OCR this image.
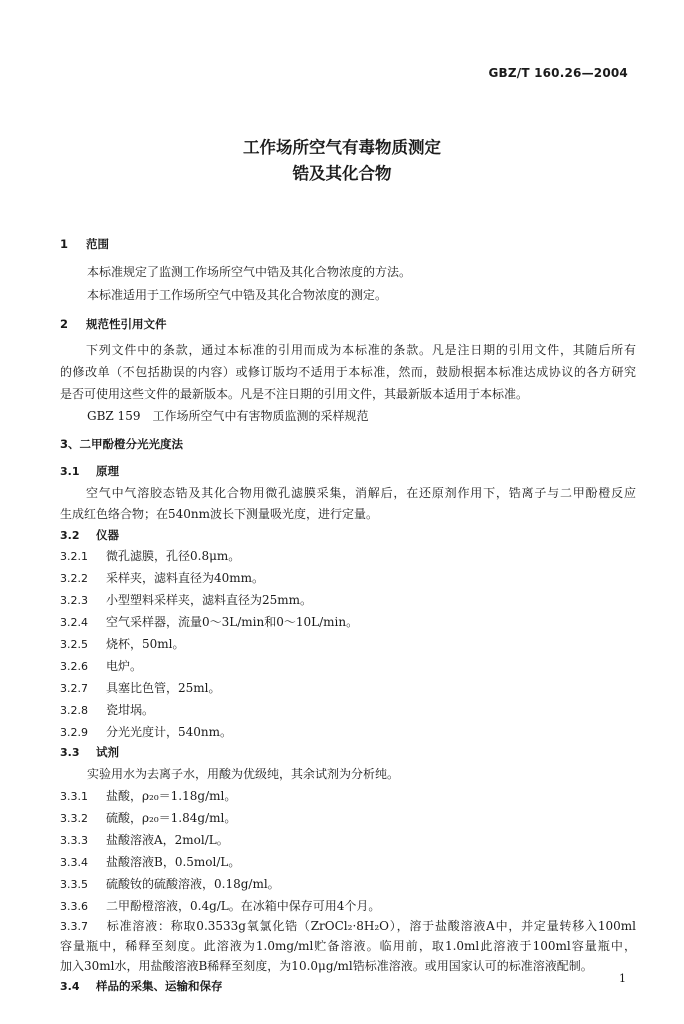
GBZ/T 160.26—2004
工作场所空气有毒物质测定
锆及其化合物
1 范围
本标准规定了监测工作场所空气中锆及其化合物浓度的方法。
本标准适用于工作场所空气中锆及其化合物浓度的测定。
2 规范性引用文件
下列文件中的条款，通过本标准的引用而成为本标准的条款。凡是注日期的引用文件，其随后所有
的修改单（不包括勘误的内容）或修订版均不适用于本标准，然而，鼓励根据本标准达成协议的各方研究
是否可使用这些文件的最新版本。凡是不注日期的引用文件，其最新版本适用于本标准。
GBZ 159　工作场所空气中有害物质监测的采样规范
3、二甲酚橙分光光度法
3.1 原理
空气中气溶胶态锆及其化合物用微孔滤膜采集，消解后，在还原剂作用下，锆离子与二甲酚橙反应
生成红色络合物；在540nm波长下测量吸光度，进行定量。
3.2 仪器
3.2.1 微孔滤膜，孔径0.8μm。
3.2.2 采样夹，滤料直径为40mm。
3.2.3 小型塑料采样夹，滤料直径为25mm。
3.2.4 空气采样器，流量0～3L/min和0～10L/min。
3.2.5 烧杯，50ml。
3.2.6 电炉。
3.2.7 具塞比色管，25ml。
3.2.8 瓷坩埚。
3.2.9 分光光度计，540nm。
3.3 试剂
实验用水为去离子水，用酸为优级纯，其余试剂为分析纯。
3.3.1 盐酸，ρ₂₀＝1.18g/ml。
3.3.2 硫酸，ρ₂₀＝1.84g/ml。
3.3.3 盐酸溶液A，2mol/L。
3.3.4 盐酸溶液B，0.5mol/L。
3.3.5 硫酸钕的硫酸溶液，0.18g/ml。
3.3.6 二甲酚橙溶液，0.4g/L。在冰箱中保存可用4个月。
3.3.7 标准溶液：称取0.3533g氧氯化锆（ZrOCl₂·8H₂O），溶于盐酸溶液A中，并定量转移入100ml
容量瓶中，稀释至刻度。此溶液为1.0mg/ml贮备溶液。临用前，取1.0ml此溶液于100ml容量瓶中，
加入30ml水，用盐酸溶液B稀释至刻度，为10.0μg/ml锆标准溶液。或用国家认可的标准溶液配制。
3.4 样品的采集、运输和保存
1
